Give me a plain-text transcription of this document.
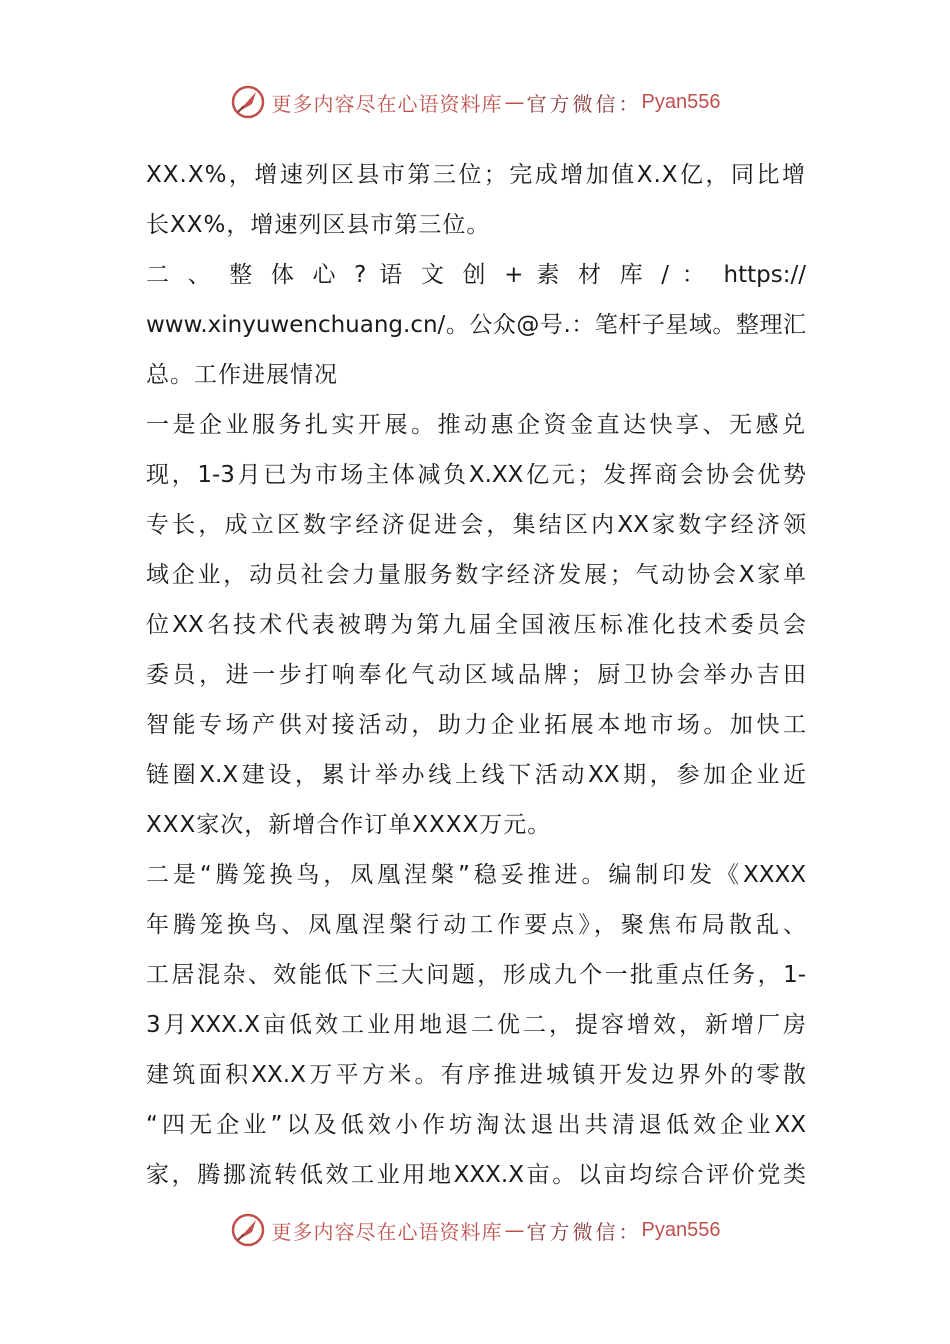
更多内容尽在心语资料库 — 官方微信： Pyan556
XX.X%，增速列区县市第三位；完成增加值X.X亿，同比增
长XX%，增速列区县市第三位。
二 、 整 体 心 ? 语 文 创 + 素 材 库 / ： https://
www.xinyuwenchuang.cn/。公众@号.：笔杆子星域。整理汇
总。工作进展情况
一是企业服务扎实开展。推动惠企资金直达快享、无感兑
现，1-3月已为市场主体减负X.XX亿元；发挥商会协会优势
专长，成立区数字经济促进会，集结区内XX家数字经济领
域企业，动员社会力量服务数字经济发展；气动协会X家单
位XX名技术代表被聘为第九届全国液压标准化技术委员会
委员，进一步打响奉化气动区域品牌；厨卫协会举办吉田
智能专场产供对接活动，助力企业拓展本地市场。加快工
链圈X.X建设，累计举办线上线下活动XX期，参加企业近
XXX家次，新增合作订单XXXX万元。
二是“腾笼换鸟，凤凰涅槃”稳妥推进。编制印发《XXXX
年腾笼换鸟、凤凰涅槃行动工作要点》，聚焦布局散乱、
工居混杂、效能低下三大问题，形成九个一批重点任务，1-
3月XXX.X亩低效工业用地退二优二，提容增效，新增厂房
建筑面积XX.X万平方米。有序推进城镇开发边界外的零散
“四无企业”以及低效小作坊淘汰退出共清退低效企业XX
家，腾挪流转低效工业用地XXX.X亩。以亩均综合评价党类
更多内容尽在心语资料库 — 官方微信： Pyan556
